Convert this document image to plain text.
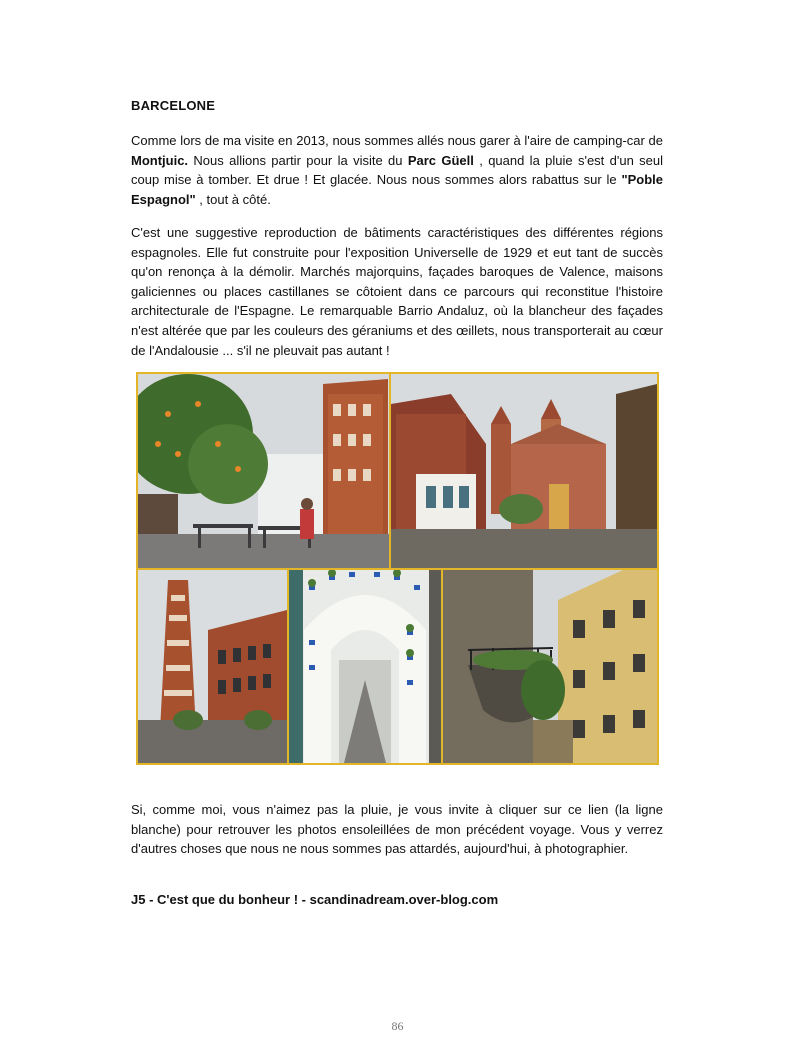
BARCELONE

Comme lors de ma visite en 2013, nous sommes allés nous garer à l'aire de camping-car de Montjuic. Nous allions partir pour la visite du Parc Güell , quand la pluie s'est d'un seul coup mise à tomber. Et drue ! Et glacée. Nous nous sommes alors rabattus sur le "Poble Espagnol" , tout à côté.

C'est une suggestive reproduction de bâtiments caractéristiques des différentes régions espagnoles. Elle fut construite pour l'exposition Universelle de 1929 et eut tant de succès qu'on renonça à la démolir. Marchés majorquins, façades baroques de Valence, maisons galiciennes ou places castillanes se côtoient dans ce parcours qui reconstitue l'histoire architecturale de l'Espagne. Le remarquable Barrio Andaluz, où la blancheur des façades n'est altérée que par les couleurs des géraniums et des œillets, nous transporterait au cœur de l'Andalousie ... s'il ne pleuvait pas autant !

Si, comme moi, vous n'aimez pas la pluie, je vous invite à cliquer sur ce lien (la ligne blanche) pour retrouver les photos ensoleillées de mon précédent voyage. Vous y verrez d'autres choses que nous ne nous sommes pas attardés, aujourd'hui, à photographier.

J5 - C'est que du bonheur ! - scandinadream.over-blog.com
86
